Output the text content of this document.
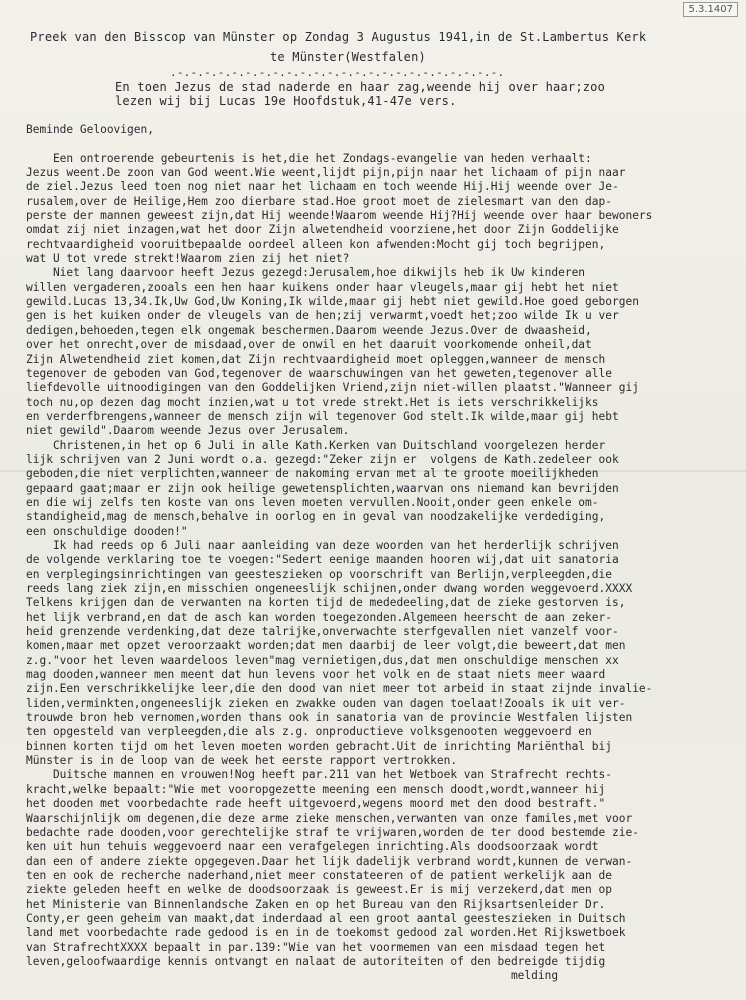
5.3.1407
Preek van den Bisscop van Münster op Zondag 3 Augustus 1941,in de St.Lambertus Kerk
te Münster(Westfalen)
.-.-.-.-.-.-.-.-.-.-.-.-.-.-.-.-.-.-.-.-.-.-.-.-.
En toen Jezus de stad naderde en haar zag,weende hij over haar;zoo
lezen wij bij Lucas 19e Hoofdstuk,41-47e vers.
Beminde Geloovigen,

Een ontroerende gebeurtenis is het,die het Zondags-evangelie van heden verhaalt:
Jezus weent.De zoon van God weent.Wie weent,lijdt pijn,pijn naar het lichaam of pijn naar
de ziel.Jezus leed toen nog niet naar het lichaam en toch weende Hij.Hij weende over Je-
rusalem,over de Heilige,Hem zoo dierbare stad.Hoe groot moet de zielesmart van den dap-
perste der mannen geweest zijn,dat Hij weende!Waarom weende Hij?Hij weende over haar bewoners
omdat zij niet inzagen,wat het door Zijn alwetendheid voorziene,het door Zijn Goddelijke
rechtvaardigheid vooruitbepaalde oordeel alleen kon afwenden:Mocht gij toch begrijpen,
wat U tot vrede strekt!Waarom zien zij het niet?
Niet lang daarvoor heeft Jezus gezegd:Jerusalem,hoe dikwijls heb ik Uw kinderen
willen vergaderen,zooals een hen haar kuikens onder haar vleugels,maar gij hebt het niet
gewild.Lucas 13,34.Ik,Uw God,Uw Koning,Ik wilde,maar gij hebt niet gewild.Hoe goed geborgen
gen is het kuiken onder de vleugels van de hen;zij verwarmt,voedt het;zoo wilde Ik u ver
dedigen,behoeden,tegen elk ongemak beschermen.Daarom weende Jezus.Over de dwaasheid,
over het onrecht,over de misdaad,over de onwil en het daaruit voorkomende onheil,dat
Zijn Alwetendheid ziet komen,dat Zijn rechtvaardigheid moet opleggen,wanneer de mensch
tegenover de geboden van God,tegenover de waarschuwingen van het geweten,tegenover alle
liefdevolle uitnoodigingen van den Goddelijken Vriend,zijn niet-willen plaatst."Wanneer gij
toch nu,op dezen dag mocht inzien,wat u tot vrede strekt.Het is iets verschrikkelijks
en verderfbrengens,wanneer de mensch zijn wil tegenover God stelt.Ik wilde,maar gij hebt
niet gewild".Daarom weende Jezus over Jerusalem.
Christenen,in het op 6 Juli in alle Kath.Kerken van Duitschland voorgelezen herder
lijk schrijven van 2 Juni wordt o.a. gezegd:"Zeker zijn er  volgens de Kath.zedeleer ook
geboden,die niet verplichten,wanneer de nakoming ervan met al te groote moeilijkheden
gepaard gaat;maar er zijn ook heilige gewetensplichten,waarvan ons niemand kan bevrijden
en die wij zelfs ten koste van ons leven moeten vervullen.Nooit,onder geen enkele om-
standigheid,mag de mensch,behalve in oorlog en in geval van noodzakelijke verdediging,
een onschuldige dooden!"
Ik had reeds op 6 Juli naar aanleiding van deze woorden van het herderlijk schrijven
de volgende verklaring toe te voegen:"Sedert eenige maanden hooren wij,dat uit sanatoria
en verplegingsinrichtingen van geesteszieken op voorschrift van Berlijn,verpleegden,die
reeds lang ziek zijn,en misschien ongeneeslijk schijnen,onder dwang worden weggevoerd.XXXX
Telkens krijgen dan de verwanten na korten tijd de mededeeling,dat de zieke gestorven is,
het lijk verbrand,en dat de asch kan worden toegezonden.Algemeen heerscht de aan zeker-
heid grenzende verdenking,dat deze talrijke,onverwachte sterfgevallen niet vanzelf voor-
komen,maar met opzet veroorzaakt worden;dat men daarbij de leer volgt,die beweert,dat men
z.g."voor het leven waardeloos leven"mag vernietigen,dus,dat men onschuldige menschen xx
mag dooden,wanneer men meent dat hun levens voor het volk en de staat niets meer waard
zijn.Een verschrikkelijke leer,die den dood van niet meer tot arbeid in staat zijnde invalie-
liden,verminkten,ongeneeslijk zieken en zwakke ouden van dagen toelaat!Zooals ik uit ver-
trouwde bron heb vernomen,worden thans ook in sanatoria van de provincie Westfalen lijsten
ten opgesteld van verpleegden,die als z.g. onproductieve volksgenooten weggevoerd en
binnen korten tijd om het leven moeten worden gebracht.Uit de inrichting Mariënthal bij
Münster is in de loop van de week het eerste rapport vertrokken.
Duitsche mannen en vrouwen!Nog heeft par.211 van het Wetboek van Strafrecht rechts-
kracht,welke bepaalt:"Wie met vooropgezette meening een mensch doodt,wordt,wanneer hij
het dooden met voorbedachte rade heeft uitgevoerd,wegens moord met den dood bestraft."
Waarschijnlijk om degenen,die deze arme zieke menschen,verwanten van onze familes,met voor
bedachte rade dooden,voor gerechtelijke straf te vrijwaren,worden de ter dood bestemde zie-
ken uit hun tehuis weggevoerd naar een verafgelegen inrichting.Als doodsoorzaak wordt
dan een of andere ziekte opgegeven.Daar het lijk dadelijk verbrand wordt,kunnen de verwan-
ten en ook de recherche naderhand,niet meer constateeren of de patient werkelijk aan de
ziekte geleden heeft en welke de doodsoorzaak is geweest.Er is mij verzekerd,dat men op
het Ministerie van Binnenlandsche Zaken en op het Bureau van den Rijksartsenleider Dr.
Conty,er geen geheim van maakt,dat inderdaad al een groot aantal geesteszieken in Duitsch
land met voorbedachte rade gedood is en in de toekomst gedood zal worden.Het Rijkswetboek
van StrafrechtXXXX bepaalt in par.139:"Wie van het voormemen van een misdaad tegen het
leven,geloofwaardige kennis ontvangt en nalaat de autoriteiten of den bedreigde tijdig
melding
